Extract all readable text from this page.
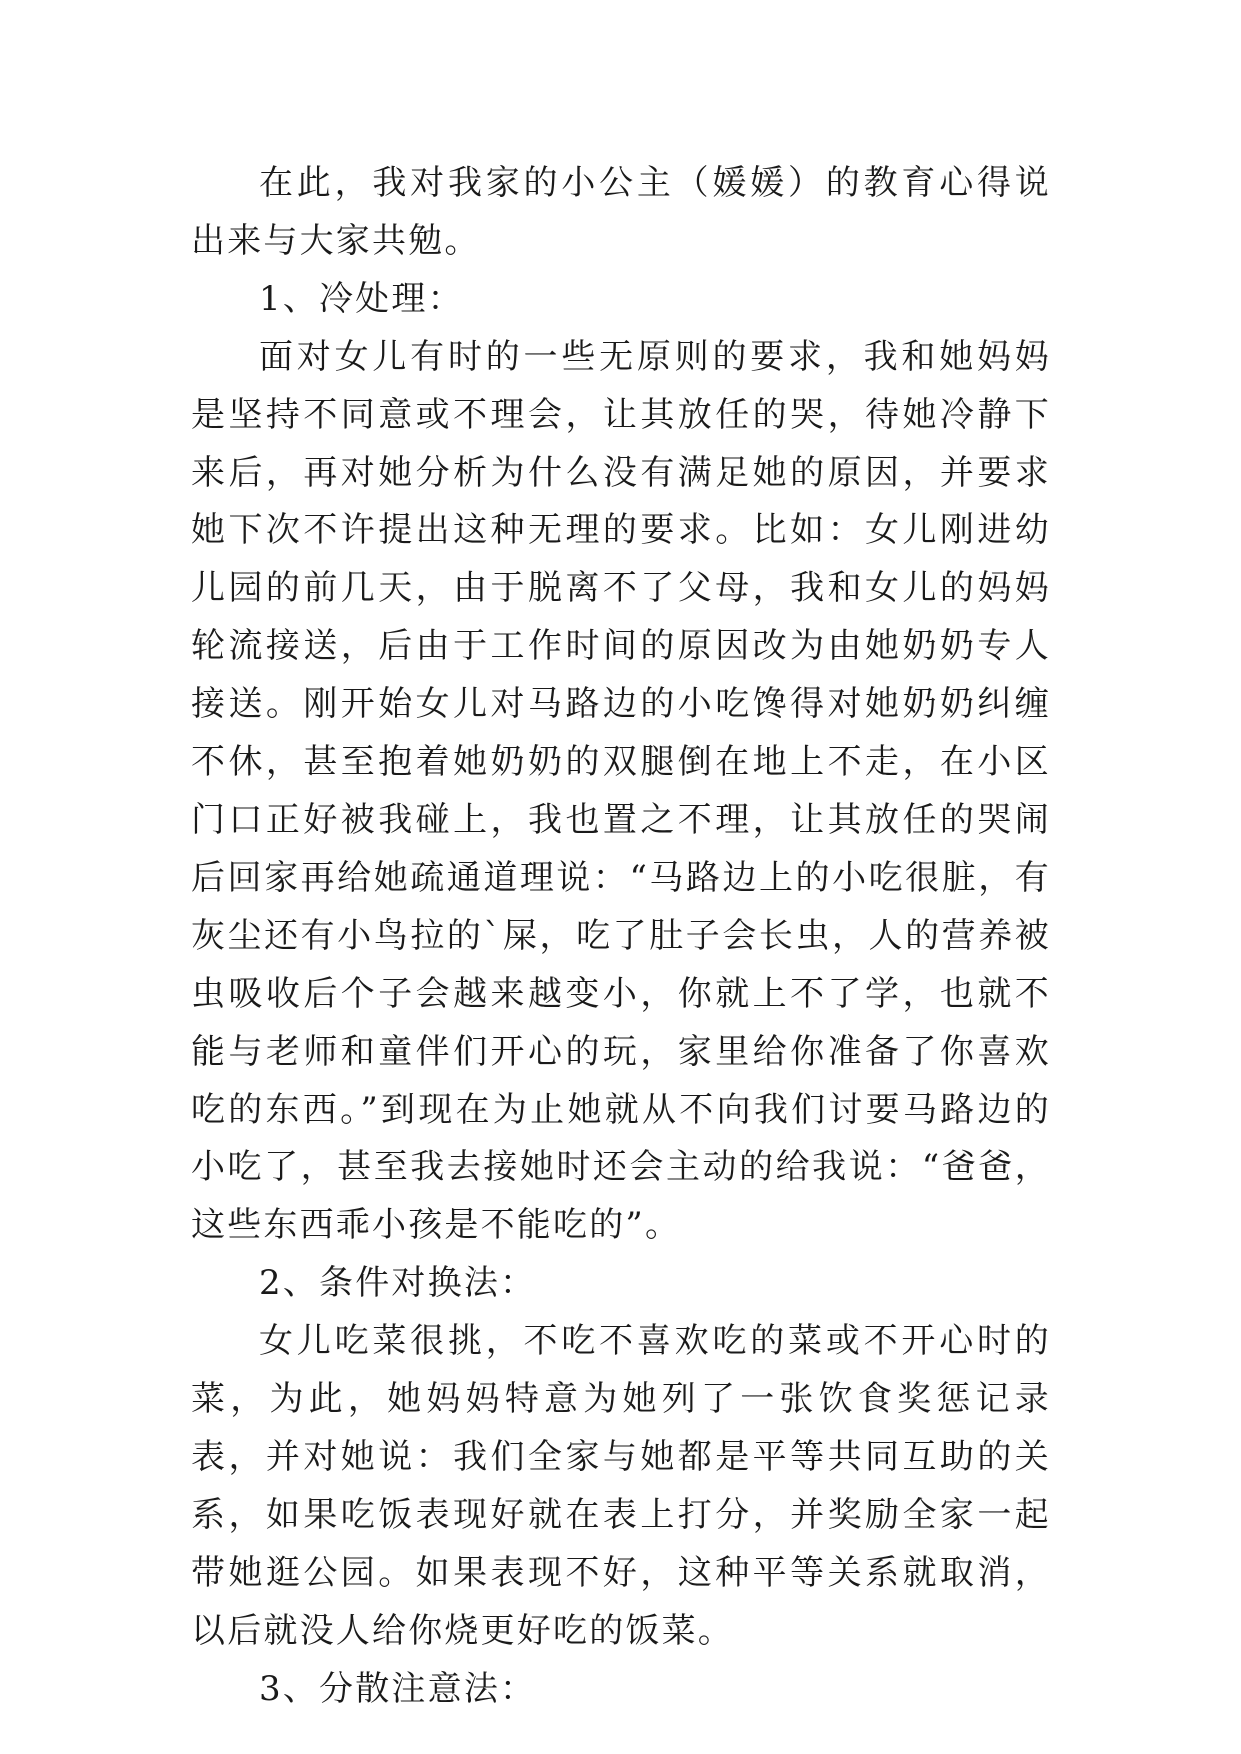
在此，我对我家的小公主（媛媛）的教育心得说出来与大家共勉。

1、冷处理：

面对女儿有时的一些无原则的要求，我和她妈妈是坚持不同意或不理会，让其放任的哭，待她冷静下来后，再对她分析为什么没有满足她的原因，并要求她下次不许提出这种无理的要求。比如：女儿刚进幼儿园的前几天，由于脱离不了父母，我和女儿的妈妈轮流接送，后由于工作时间的原因改为由她奶奶专人接送。刚开始女儿对马路边的小吃馋得对她奶奶纠缠不休，甚至抱着她奶奶的双腿倒在地上不走，在小区门口正好被我碰上，我也置之不理，让其放任的哭闹后回家再给她疏通道理说：“马路边上的小吃很脏，有灰尘还有小鸟拉的`屎，吃了肚子会长虫，人的营养被虫吸收后个子会越来越变小，你就上不了学，也就不能与老师和童伴们开心的玩，家里给你准备了你喜欢吃的东西。”到现在为止她就从不向我们讨要马路边的小吃了，甚至我去接她时还会主动的给我说：“爸爸，这些东西乖小孩是不能吃的”。

2、条件对换法：

女儿吃菜很挑，不吃不喜欢吃的菜或不开心时的菜，为此，她妈妈特意为她列了一张饮食奖惩记录表，并对她说：我们全家与她都是平等共同互助的关系，如果吃饭表现好就在表上打分，并奖励全家一起带她逛公园。如果表现不好，这种平等关系就取消，以后就没人给你烧更好吃的饭菜。

3、分散注意法：
